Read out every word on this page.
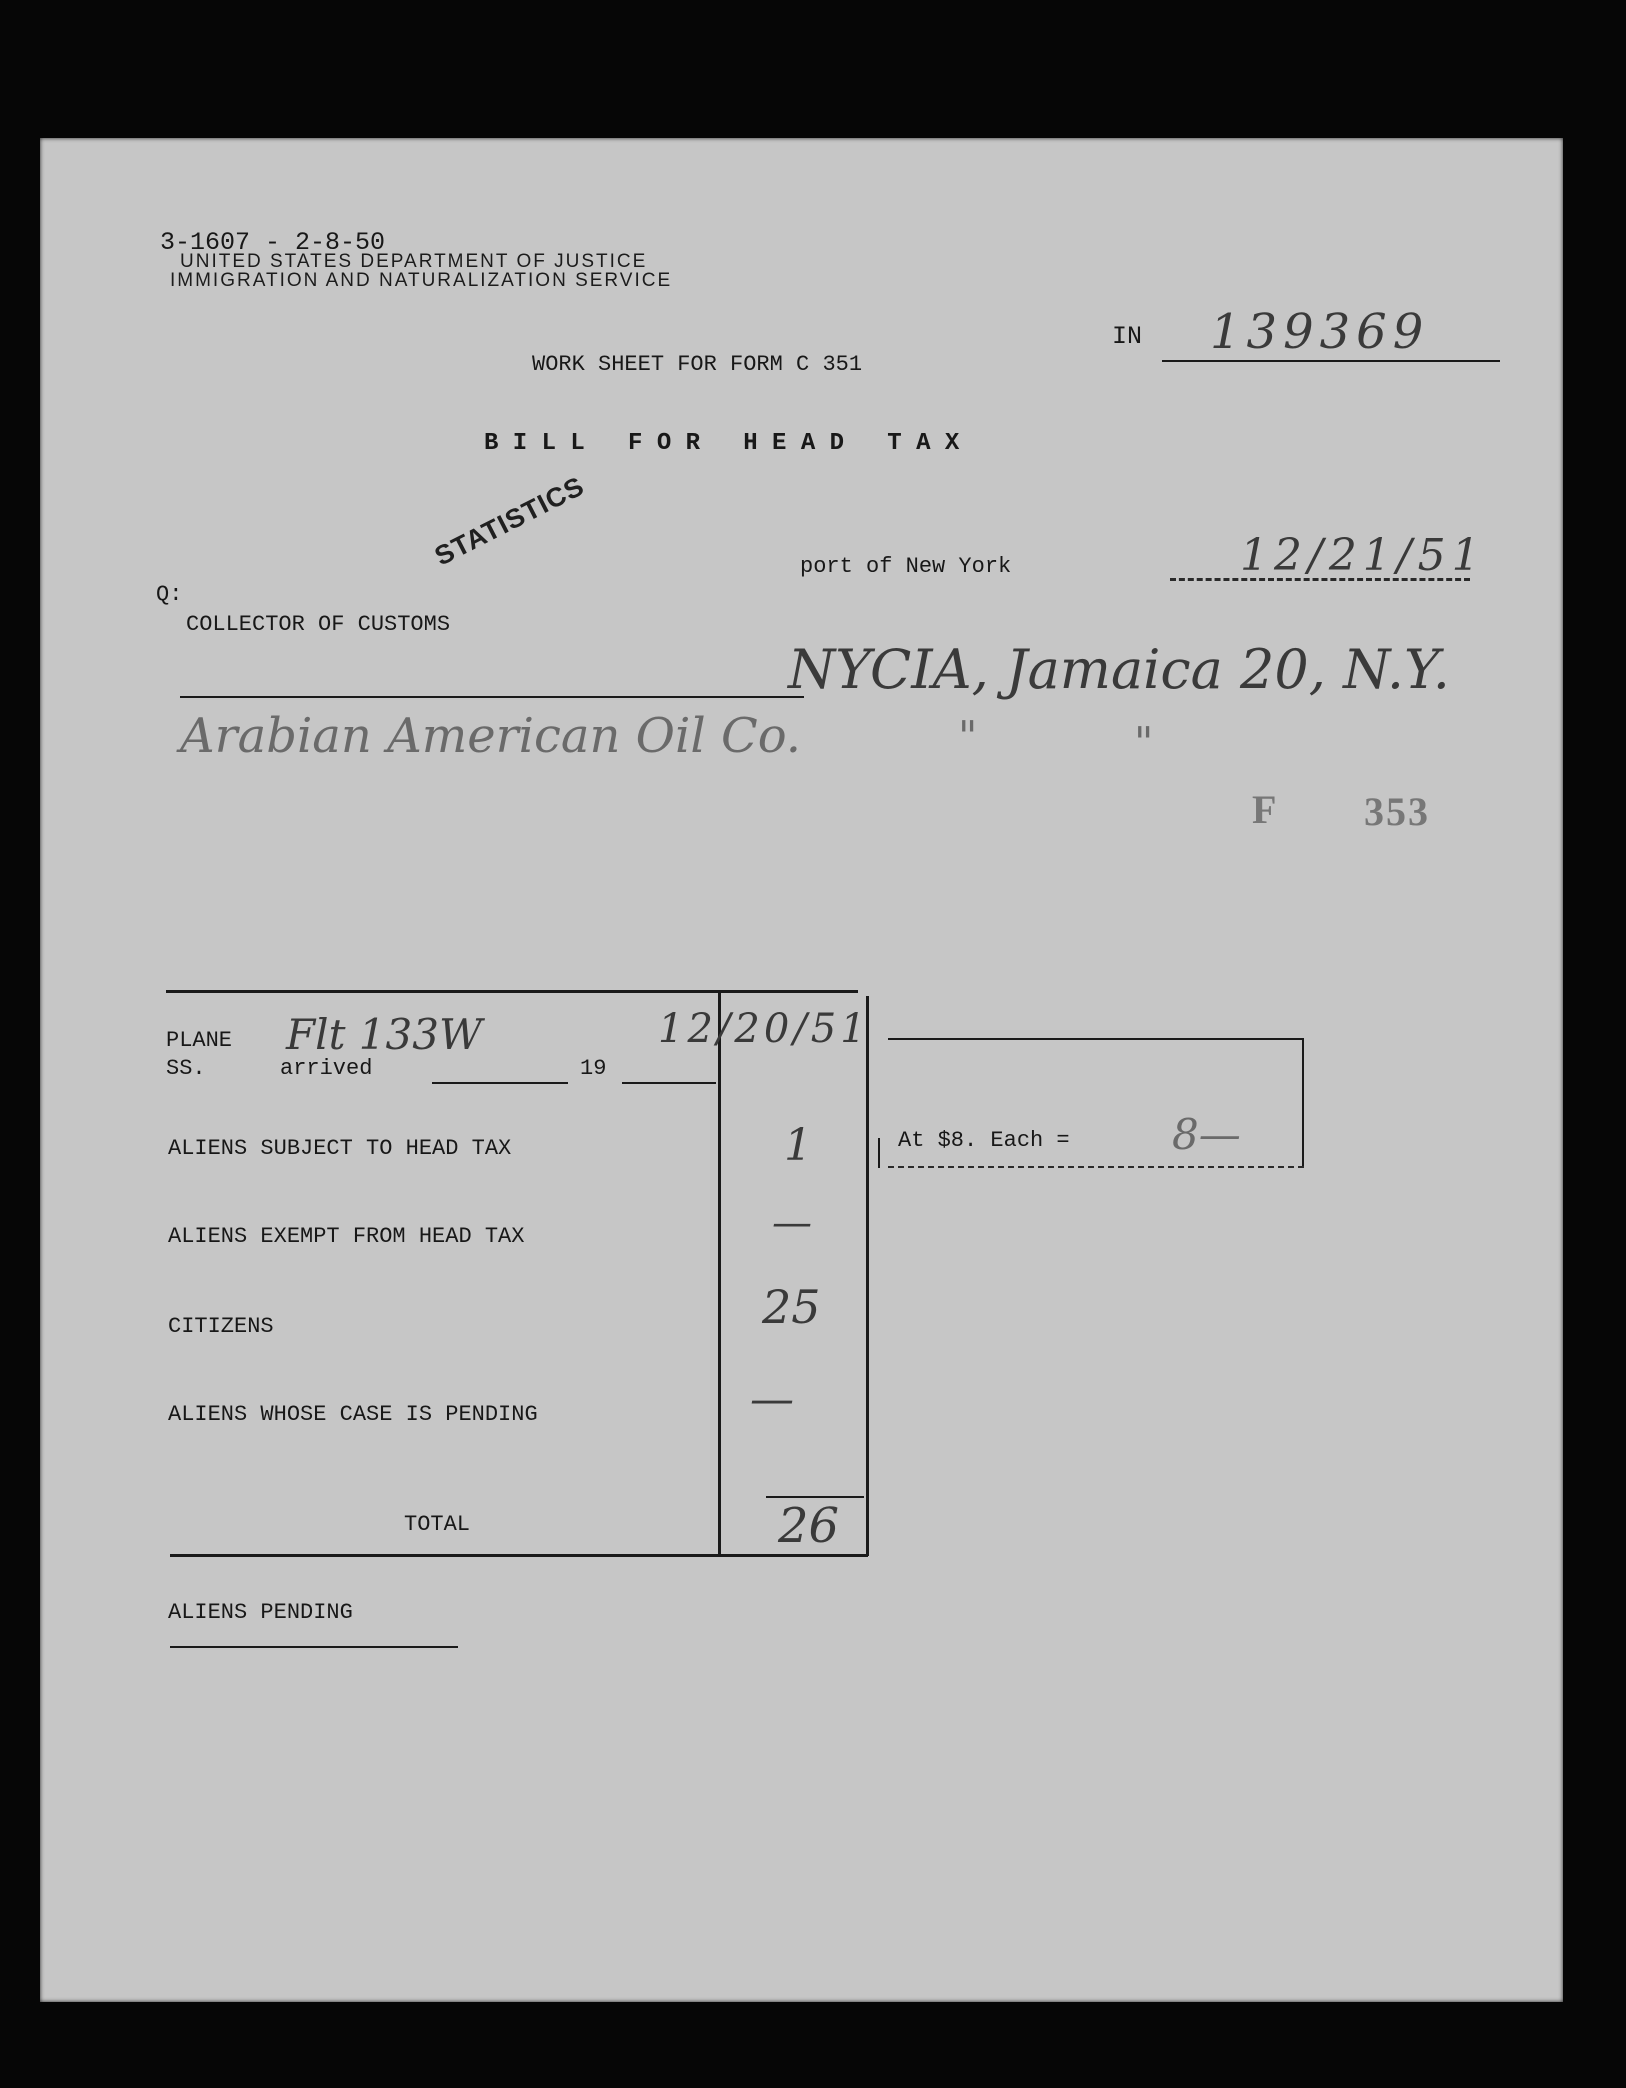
3-1607 - 2-8-50
UNITED STATES DEPARTMENT OF JUSTICE
IMMIGRATION AND NATURALIZATION SERVICE
IN 139369
WORK SHEET FOR FORM C 351
B I L L   F O R   H E A D   T A X
STATISTICS	port of New York	12/21/51
Q:
COLLECTOR OF CUSTOMS
NYCIA, Jamaica 20, N.Y.
Arabian American Oil Co.	"	"
F 353
PLANE
SS.	arrived	19
Flt 133W	12/20/51
At $8. Each = 8—
ALIENS SUBJECT TO HEAD TAX	1
ALIENS EXEMPT FROM HEAD TAX	—
CITIZENS	25
ALIENS WHOSE CASE IS PENDING	—
TOTAL	26
ALIENS PENDING
